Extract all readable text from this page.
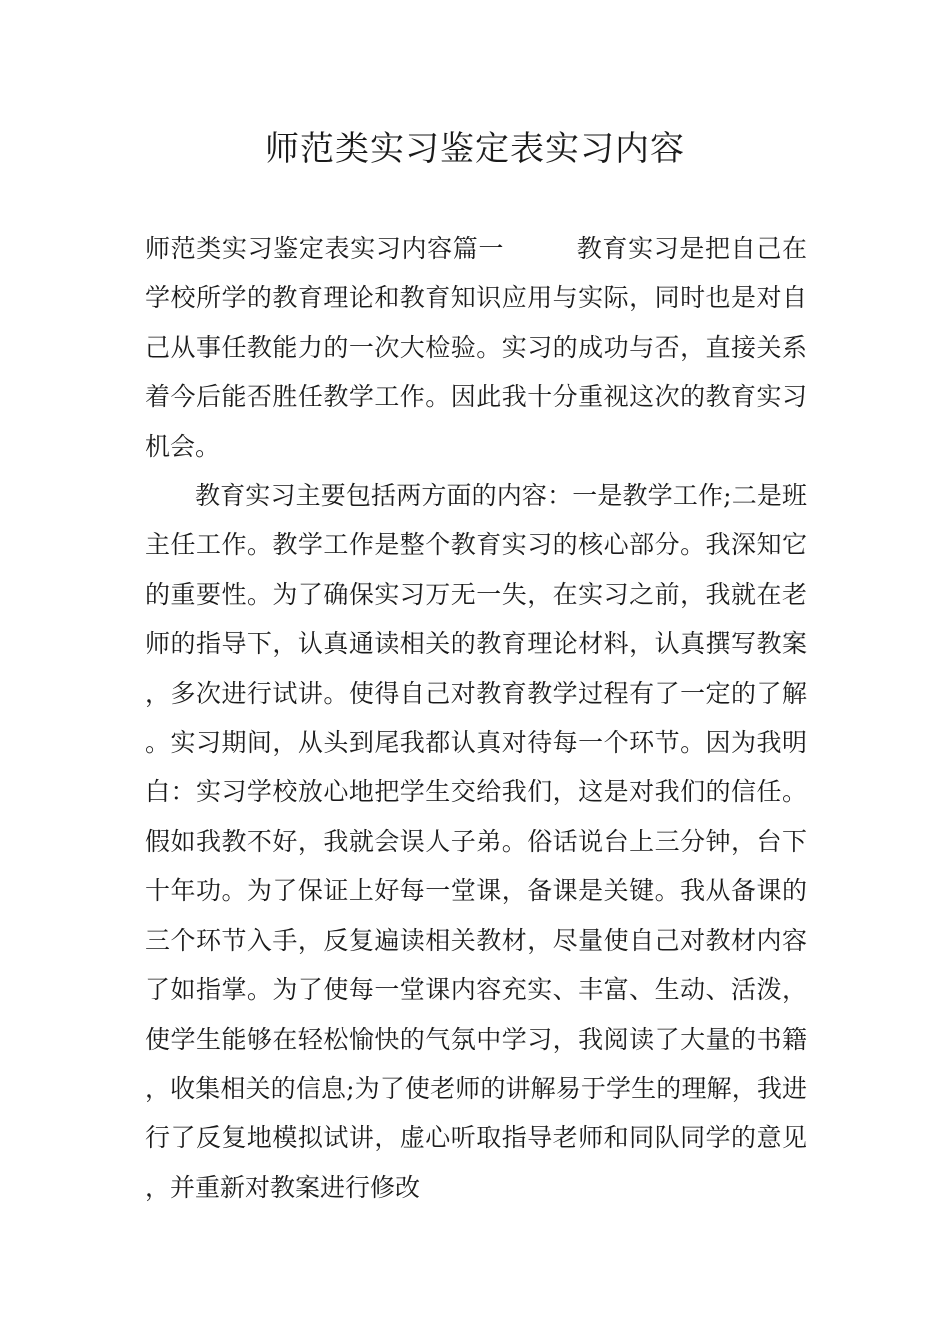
师范类实习鉴定表实习内容

师范类实习鉴定表实习内容篇一	教育实习是把自己在学校所学的教育理论和教育知识应用与实际，同时也是对自己从事任教能力的一次大检验。实习的成功与否，直接关系着今后能否胜任教学工作。因此我十分重视这次的教育实习机会。

教育实习主要包括两方面的内容：一是教学工作;二是班主任工作。教学工作是整个教育实习的核心部分。我深知它的重要性。为了确保实习万无一失，在实习之前，我就在老师的指导下，认真通读相关的教育理论材料，认真撰写教案，多次进行试讲。使得自己对教育教学过程有了一定的了解。实习期间，从头到尾我都认真对待每一个环节。因为我明白：实习学校放心地把学生交给我们，这是对我们的信任。假如我教不好，我就会误人子弟。俗话说台上三分钟，台下十年功。为了保证上好每一堂课，备课是关键。我从备课的三个环节入手，反复遍读相关教材，尽量使自己对教材内容了如指掌。为了使每一堂课内容充实、丰富、生动、活泼，使学生能够在轻松愉快的气氛中学习，我阅读了大量的书籍，收集相关的信息;为了使老师的讲解易于学生的理解，我进行了反复地模拟试讲，虚心听取指导老师和同队同学的意见，并重新对教案进行修改
